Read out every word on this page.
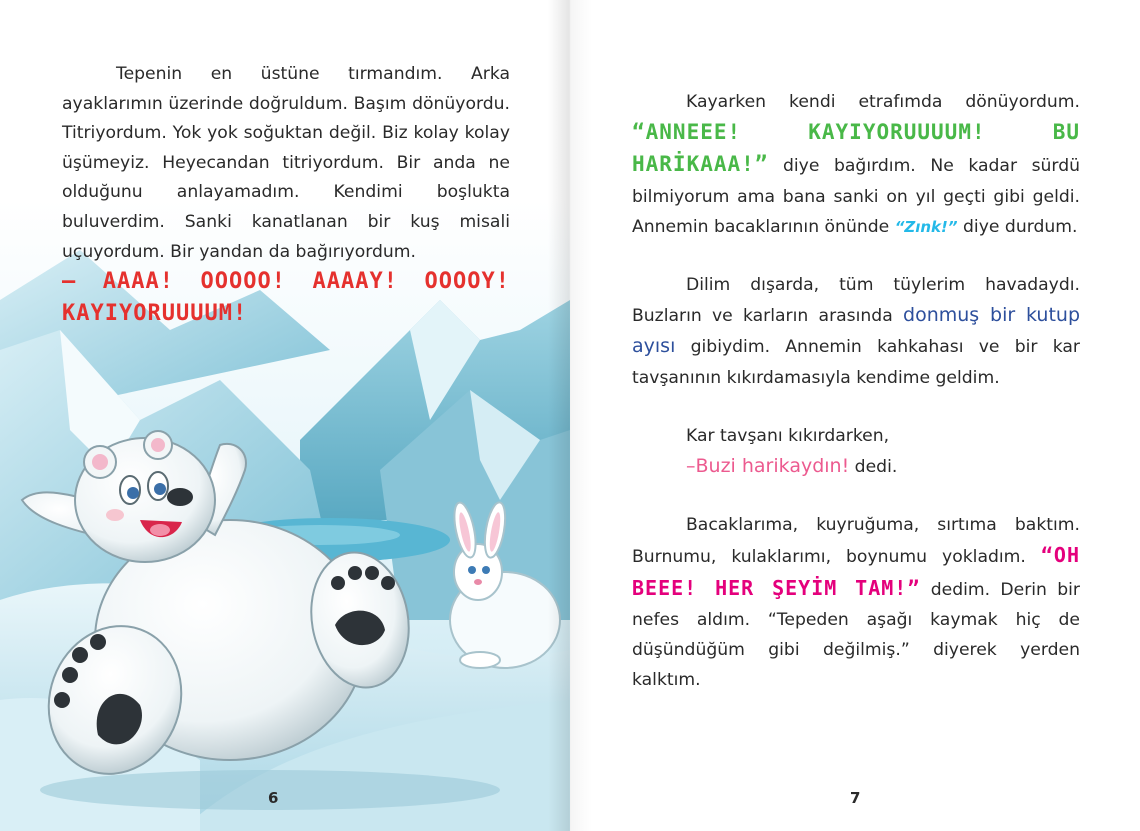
Tepenin en üstüne tırmandım. Arka ayaklarımın üzerinde doğruldum. Başım dönüyordu. Titriyordum. Yok yok soğuktan değil. Biz kolay kolay üşümeyiz. Heyecandan titriyordum. Bir anda ne olduğunu anlayamadım. Kendimi boşlukta buluverdim. Sanki kanatlanan bir kuş misali uçuyordum. Bir yandan da bağırıyordum.

– AAAA! OOOOO! AAAAY! OOOOY! KAYIYORUUUUM!

6

Kayarken kendi etrafımda dönüyordum. “ANNEEE! KAYIYORUUUUM! BU HARİKAAA!” diye bağırdım. Ne kadar sürdü bilmiyorum ama bana sanki on yıl geçti gibi geldi. Annemin bacaklarının önünde “Zınk!” diye durdum.

Dilim dışarda, tüm tüylerim havadaydı. Buzların ve karların arasında donmuş bir kutup ayısı gibiydim. Annemin kahkahası ve bir kar tavşanının kıkırdamasıyla kendime geldim.

Kar tavşanı kıkırdarken,

–Buzi harikaydın! dedi.

Bacaklarıma, kuyruğuma, sırtıma baktım. Burnumu, kulaklarımı, boynumu yokladım. “OH BEEE! HER ŞEYİM TAM!” dedim. Derin bir nefes aldım. “Tepeden aşağı kaymak hiç de düşündüğüm gibi değilmiş.” diyerek yerden kalktım.

7
